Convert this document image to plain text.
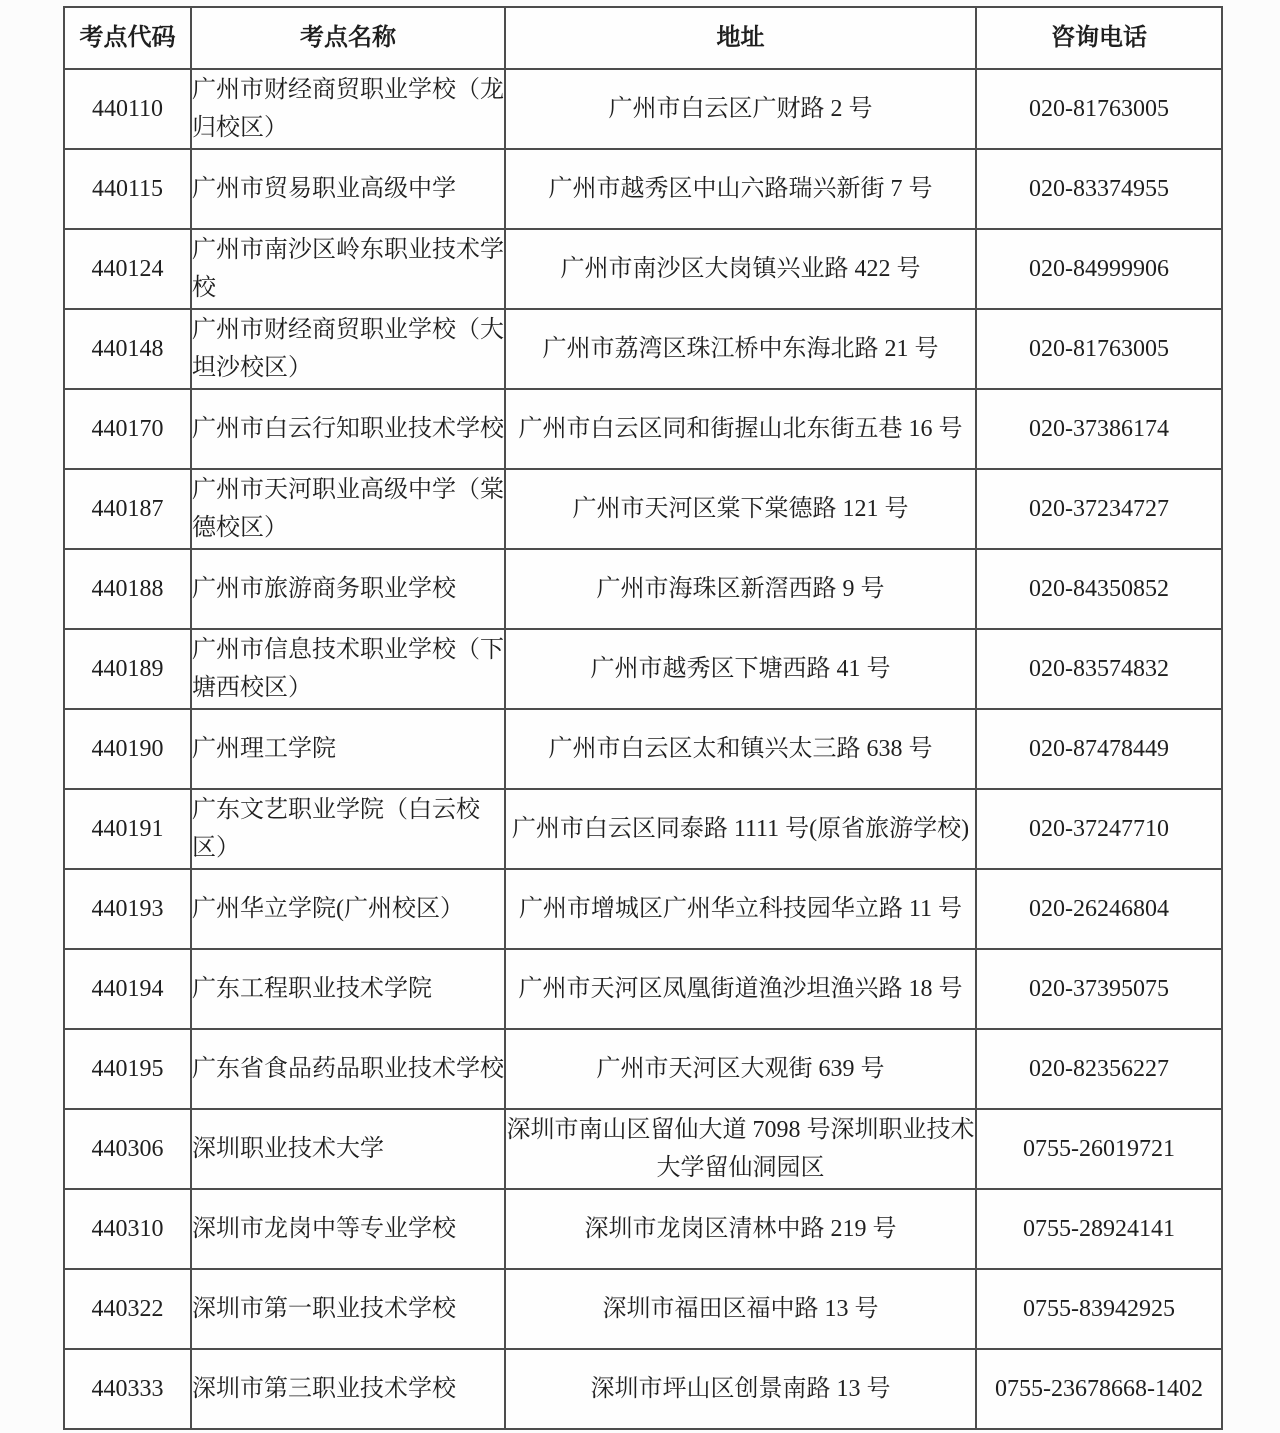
考点代码	考点名称	地址	咨询电话
440110	广州市财经商贸职业学校（龙归校区）	广州市白云区广财路 2 号	020-81763005
440115	广州市贸易职业高级中学	广州市越秀区中山六路瑞兴新街 7 号	020-83374955
440124	广州市南沙区岭东职业技术学校	广州市南沙区大岗镇兴业路 422 号	020-84999906
440148	广州市财经商贸职业学校（大坦沙校区）	广州市荔湾区珠江桥中东海北路 21 号	020-81763005
440170	广州市白云行知职业技术学校	广州市白云区同和街握山北东街五巷 16 号	020-37386174
440187	广州市天河职业高级中学（棠德校区）	广州市天河区棠下棠德路 121 号	020-37234727
440188	广州市旅游商务职业学校	广州市海珠区新滘西路 9 号	020-84350852
440189	广州市信息技术职业学校（下塘西校区）	广州市越秀区下塘西路 41 号	020-83574832
440190	广州理工学院	广州市白云区太和镇兴太三路 638 号	020-87478449
440191	广东文艺职业学院（白云校区）	广州市白云区同泰路 1111 号(原省旅游学校)	020-37247710
440193	广州华立学院(广州校区）	广州市增城区广州华立科技园华立路 11 号	020-26246804
440194	广东工程职业技术学院	广州市天河区凤凰街道渔沙坦渔兴路 18 号	020-37395075
440195	广东省食品药品职业技术学校	广州市天河区大观街 639 号	020-82356227
440306	深圳职业技术大学	深圳市南山区留仙大道 7098 号深圳职业技术大学留仙洞园区	0755-26019721
440310	深圳市龙岗中等专业学校	深圳市龙岗区清林中路 219 号	0755-28924141
440322	深圳市第一职业技术学校	深圳市福田区福中路 13 号	0755-83942925
440333	深圳市第三职业技术学校	深圳市坪山区创景南路 13 号	0755-23678668-1402
